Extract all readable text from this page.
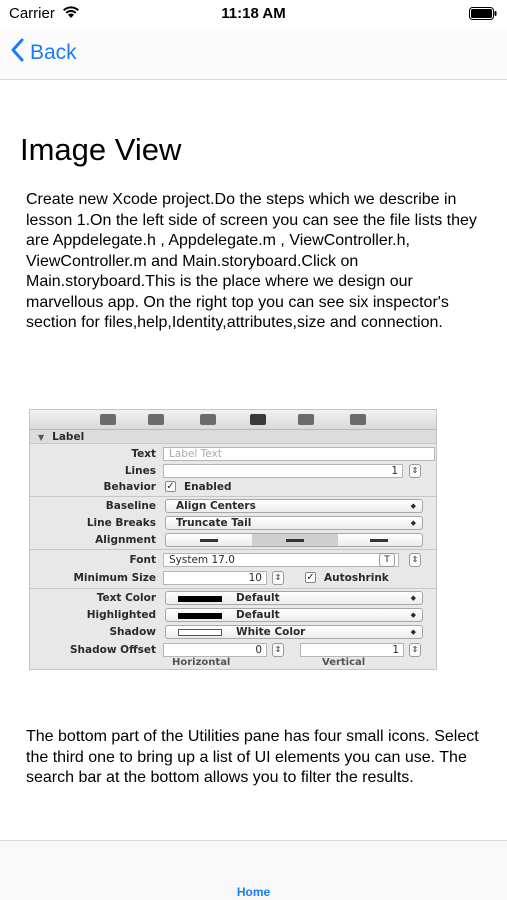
Carrier	11:18 AM
Back
Image View

Create new Xcode project.Do the steps which we describe in lesson 1.On the left side of screen you can see the file lists they are Appdelegate.h , Appdelegate.m , ViewController.h, ViewController.m and Main.storyboard.Click on Main.storyboard.This is the place where we design our marvellous app. On the right top you can see six inspector's section for files,help,Identity,attributes,size and connection.

▼ Label
Text	Label Text
Lines	1	⇕
Behavior ✓ Enabled
Baseline	Align Centers	◆
Line Breaks	Truncate Tail	◆
Alignment
Font	System 17.0	T	⇕
Minimum Size	10	⇕ ✓ Autoshrink
Text Color	Default	◆
Highlighted	Default	◆
Shadow	White Color	◆
Shadow Offset	0	⇕	1	⇕
Horizontal	Vertical

The bottom part of the Utilities pane has four small icons. Select the third one to bring up a list of UI elements you can use. The search bar at the bottom allows you to filter the results.

Home
